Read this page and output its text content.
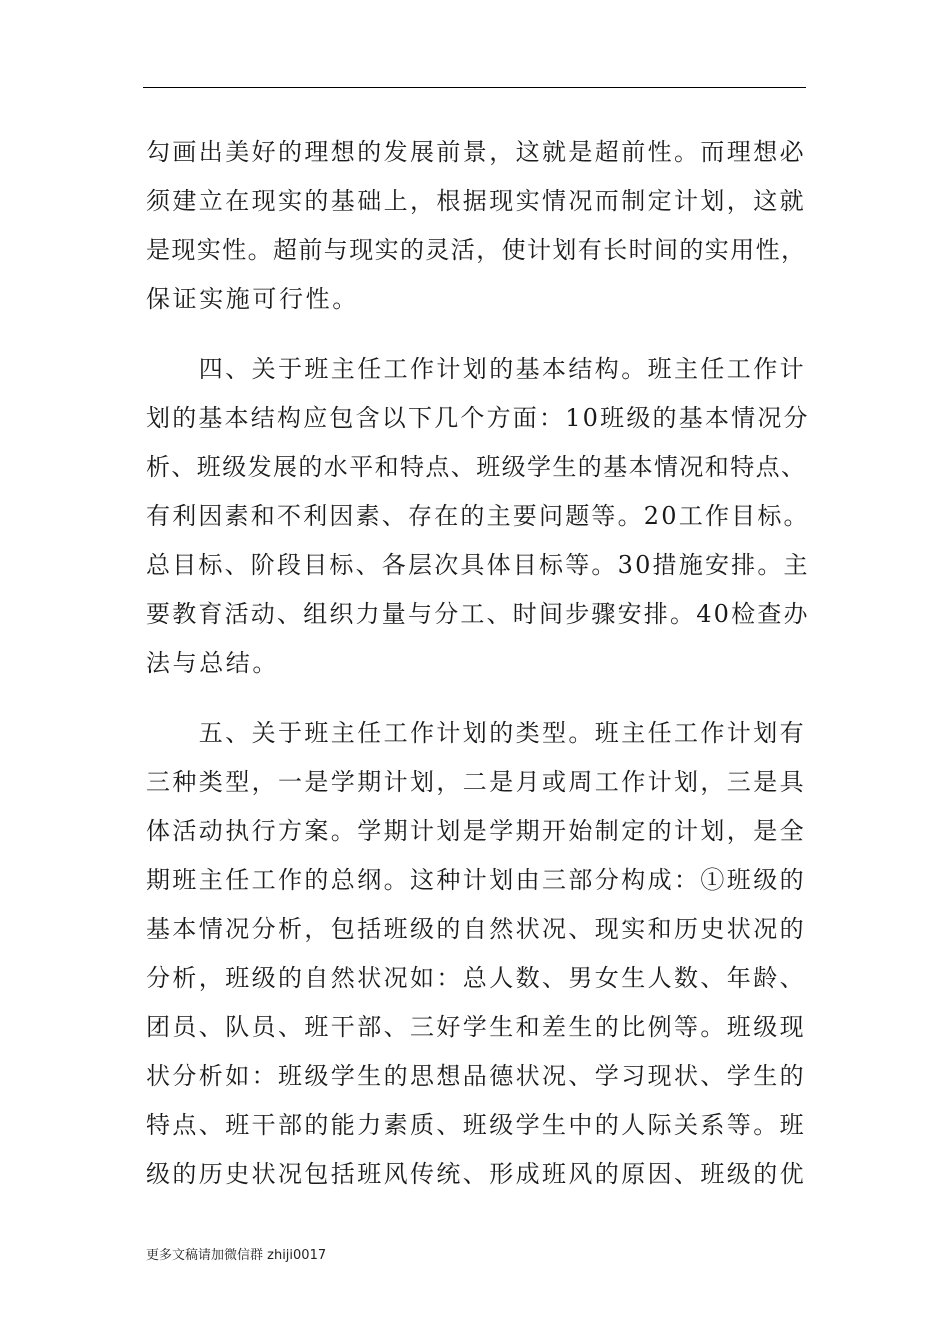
勾画出美好的理想的发展前景，这就是超前性。而理想必
须建立在现实的基础上，根据现实情况而制定计划，这就
是现实性。超前与现实的灵活，使计划有长时间的实用性，
保证实施可行性。
　　四、关于班主任工作计划的基本结构。班主任工作计
划的基本结构应包含以下几个方面：10班级的基本情况分
析、班级发展的水平和特点、班级学生的基本情况和特点、
有利因素和不利因素、存在的主要问题等。20工作目标。
总目标、阶段目标、各层次具体目标等。30措施安排。主
要教育活动、组织力量与分工、时间步骤安排。40检查办
法与总结。
　　五、关于班主任工作计划的类型。班主任工作计划有
三种类型，一是学期计划，二是月或周工作计划，三是具
体活动执行方案。学期计划是学期开始制定的计划，是全
期班主任工作的总纲。这种计划由三部分构成：①班级的
基本情况分析，包括班级的自然状况、现实和历史状况的
分析，班级的自然状况如：总人数、男女生人数、年龄、
团员、队员、班干部、三好学生和差生的比例等。班级现
状分析如：班级学生的思想品德状况、学习现状、学生的
特点、班干部的能力素质、班级学生中的人际关系等。班
级的历史状况包括班风传统、形成班风的原因、班级的优
更多文稿请加微信群 zhiji0017
